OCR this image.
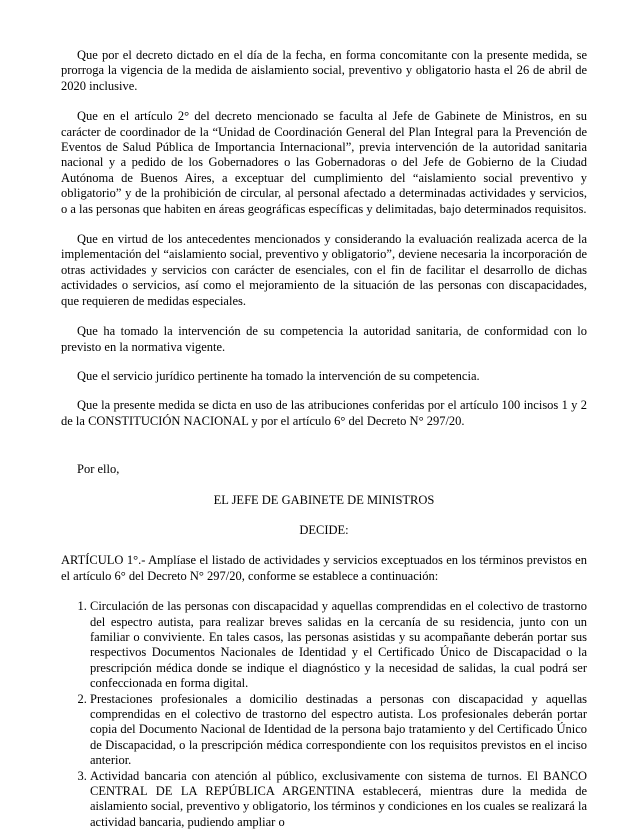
Que por el decreto dictado en el día de la fecha, en forma concomitante con la presente medida, se prorroga la vigencia de la medida de aislamiento social, preventivo y obligatorio hasta el 26 de abril de 2020 inclusive.

Que en el artículo 2° del decreto mencionado se faculta al Jefe de Gabinete de Ministros, en su carácter de coordinador de la “Unidad de Coordinación General del Plan Integral para la Prevención de Eventos de Salud Pública de Importancia Internacional”, previa intervención de la autoridad sanitaria nacional y a pedido de los Gobernadores o las Gobernadoras o del Jefe de Gobierno de la Ciudad Autónoma de Buenos Aires, a exceptuar del cumplimiento del “aislamiento social preventivo y obligatorio” y de la prohibición de circular, al personal afectado a determinadas actividades y servicios, o a las personas que habiten en áreas geográficas específicas y delimitadas, bajo determinados requisitos.

Que en virtud de los antecedentes mencionados y considerando la evaluación realizada acerca de la implementación del “aislamiento social, preventivo y obligatorio”, deviene necesaria la incorporación de otras actividades y servicios con carácter de esenciales, con el fin de facilitar el desarrollo de dichas actividades o servicios, así como el mejoramiento de la situación de las personas con discapacidades, que requieren de medidas especiales.

Que ha tomado la intervención de su competencia la autoridad sanitaria, de conformidad con lo previsto en la normativa vigente.

Que el servicio jurídico pertinente ha tomado la intervención de su competencia.

Que la presente medida se dicta en uso de las atribuciones conferidas por el artículo 100 incisos 1 y 2 de la CONSTITUCIÓN NACIONAL y por el artículo 6° del Decreto N° 297/20.

Por ello,

EL JEFE DE GABINETE DE MINISTROS

DECIDE:

ARTÍCULO 1°.- Amplíase el listado de actividades y servicios exceptuados en los términos previstos en el artículo 6° del Decreto N° 297/20, conforme se establece a continuación:

1. Circulación de las personas con discapacidad y aquellas comprendidas en el colectivo de trastorno del espectro autista, para realizar breves salidas en la cercanía de su residencia, junto con un familiar o conviviente. En tales casos, las personas asistidas y su acompañante deberán portar sus respectivos Documentos Nacionales de Identidad y el Certificado Único de Discapacidad o la prescripción médica donde se indique el diagnóstico y la necesidad de salidas, la cual podrá ser confeccionada en forma digital.
2. Prestaciones profesionales a domicilio destinadas a personas con discapacidad y aquellas comprendidas en el colectivo de trastorno del espectro autista. Los profesionales deberán portar copia del Documento Nacional de Identidad de la persona bajo tratamiento y del Certificado Único de Discapacidad, o la prescripción médica correspondiente con los requisitos previstos en el inciso anterior.
3. Actividad bancaria con atención al público, exclusivamente con sistema de turnos. El BANCO CENTRAL DE LA REPÚBLICA ARGENTINA establecerá, mientras dure la medida de aislamiento social, preventivo y obligatorio, los términos y condiciones en los cuales se realizará la actividad bancaria, pudiendo ampliar o
